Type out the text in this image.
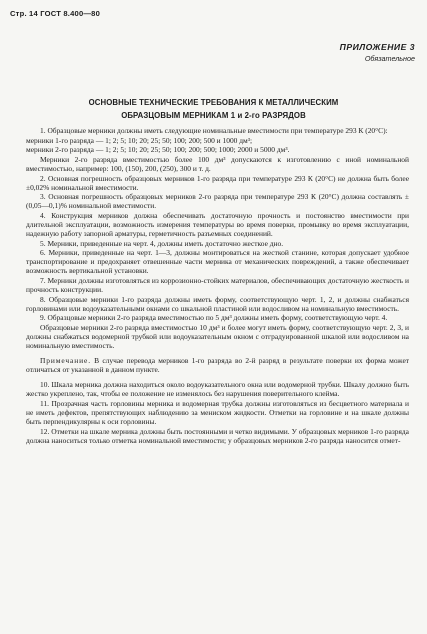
Стр. 14 ГОСТ 8.400—80
ПРИЛОЖЕНИЕ 3
Обязательное
ОСНОВНЫЕ ТЕХНИЧЕСКИЕ ТРЕБОВАНИЯ К МЕТАЛЛИЧЕСКИМ
ОБРАЗЦОВЫМ МЕРНИКАМ 1 и 2-го РАЗРЯДОВ

1. Образцовые мерники должны иметь следующие номинальные вместимости при температуре 293 К (20°С):

мерники 1-го разряда — 1; 2; 5; 10; 20; 25; 50; 100; 200; 500 и 1000 дм³;

мерники 2-го разряда — 1; 2; 5; 10; 20; 25; 50; 100; 200; 500; 1000; 2000 и 5000 дм³.

Мерники 2-го разряда вместимостью более 100 дм³ допускаются к изготовлению с иной номинальной вместимостью, например: 100, (150), 200, (250), 300 и т. д.

2. Основная погрешность образцовых мерников 1-го разряда при температуре 293 К (20°С) не должна быть более ±0,02% номинальной вместимости.

3. Основная погрешность образцовых мерников 2-го разряда при температуре 293 К (20°С) должна составлять ±(0,05—0,1)% номинальной вместимости.

4. Конструкция мерников должна обеспечивать достаточную прочность и постоянство вместимости при длительной эксплуатации, возможность измерения температуры во время поверки, промывку во время эксплуатации, надежную работу запорной арматуры, герметичность разъемных соединений.

5. Мерники, приведенные на черт. 4, должны иметь достаточно жесткое дно.

6. Мерники, приведенные на черт. 1—3, должны монтироваться на жесткой станине, которая допускает удобное транспортирование и предохраняет отвешенные части мерника от механических повреждений, а также обеспечивает возможность вертикальной установки.

7. Мерники должны изготовляться из коррозионно-стойких материалов, обеспечивающих достаточную жесткость и прочность конструкции.

8. Образцовые мерники 1-го разряда должны иметь форму, соответствующую черт. 1, 2, и должны снабжаться горловинами или водоуказательными окнами со шкальной пластиной или водосливом на номинальную вместимость.

9. Образцовые мерники 2-го разряда вместимостью по 5 дм³ должны иметь форму, соответствующую черт. 4.

Образцовые мерники 2-го разряда вместимостью 10 дм³ и более могут иметь форму, соответствующую черт. 2, 3, и должны снабжаться водомерной трубкой или водоуказательным окном с отградуированной шкалой или водосливом на номинальную вместимость.

Примечание. В случае перевода мерников 1-го разряда во 2-й разряд в результате поверки их форма может отличаться от указанной в данном пункте.

10. Шкала мерника должна находиться около водоуказательного окна или водомерной трубки. Шкалу должно быть жестко укреплено, так, чтобы ее положение не изменялось без нарушения поверительного клейма.

11. Прозрачная часть горловины мерника и водомерная трубка должны изготовляться из бесцветного материала и не иметь дефектов, препятствующих наблюдению за мениском жидкости. Отметки на горловине и на шкале должны быть перпендикулярны к оси горловины.

12. Отметки на шкале мерника должны быть постоянными и четко видимыми. У образцовых мерников 1-го разряда должна наноситься только отметка номинальной вместимости; у образцовых мерников 2-го разряда наносится отмет-
